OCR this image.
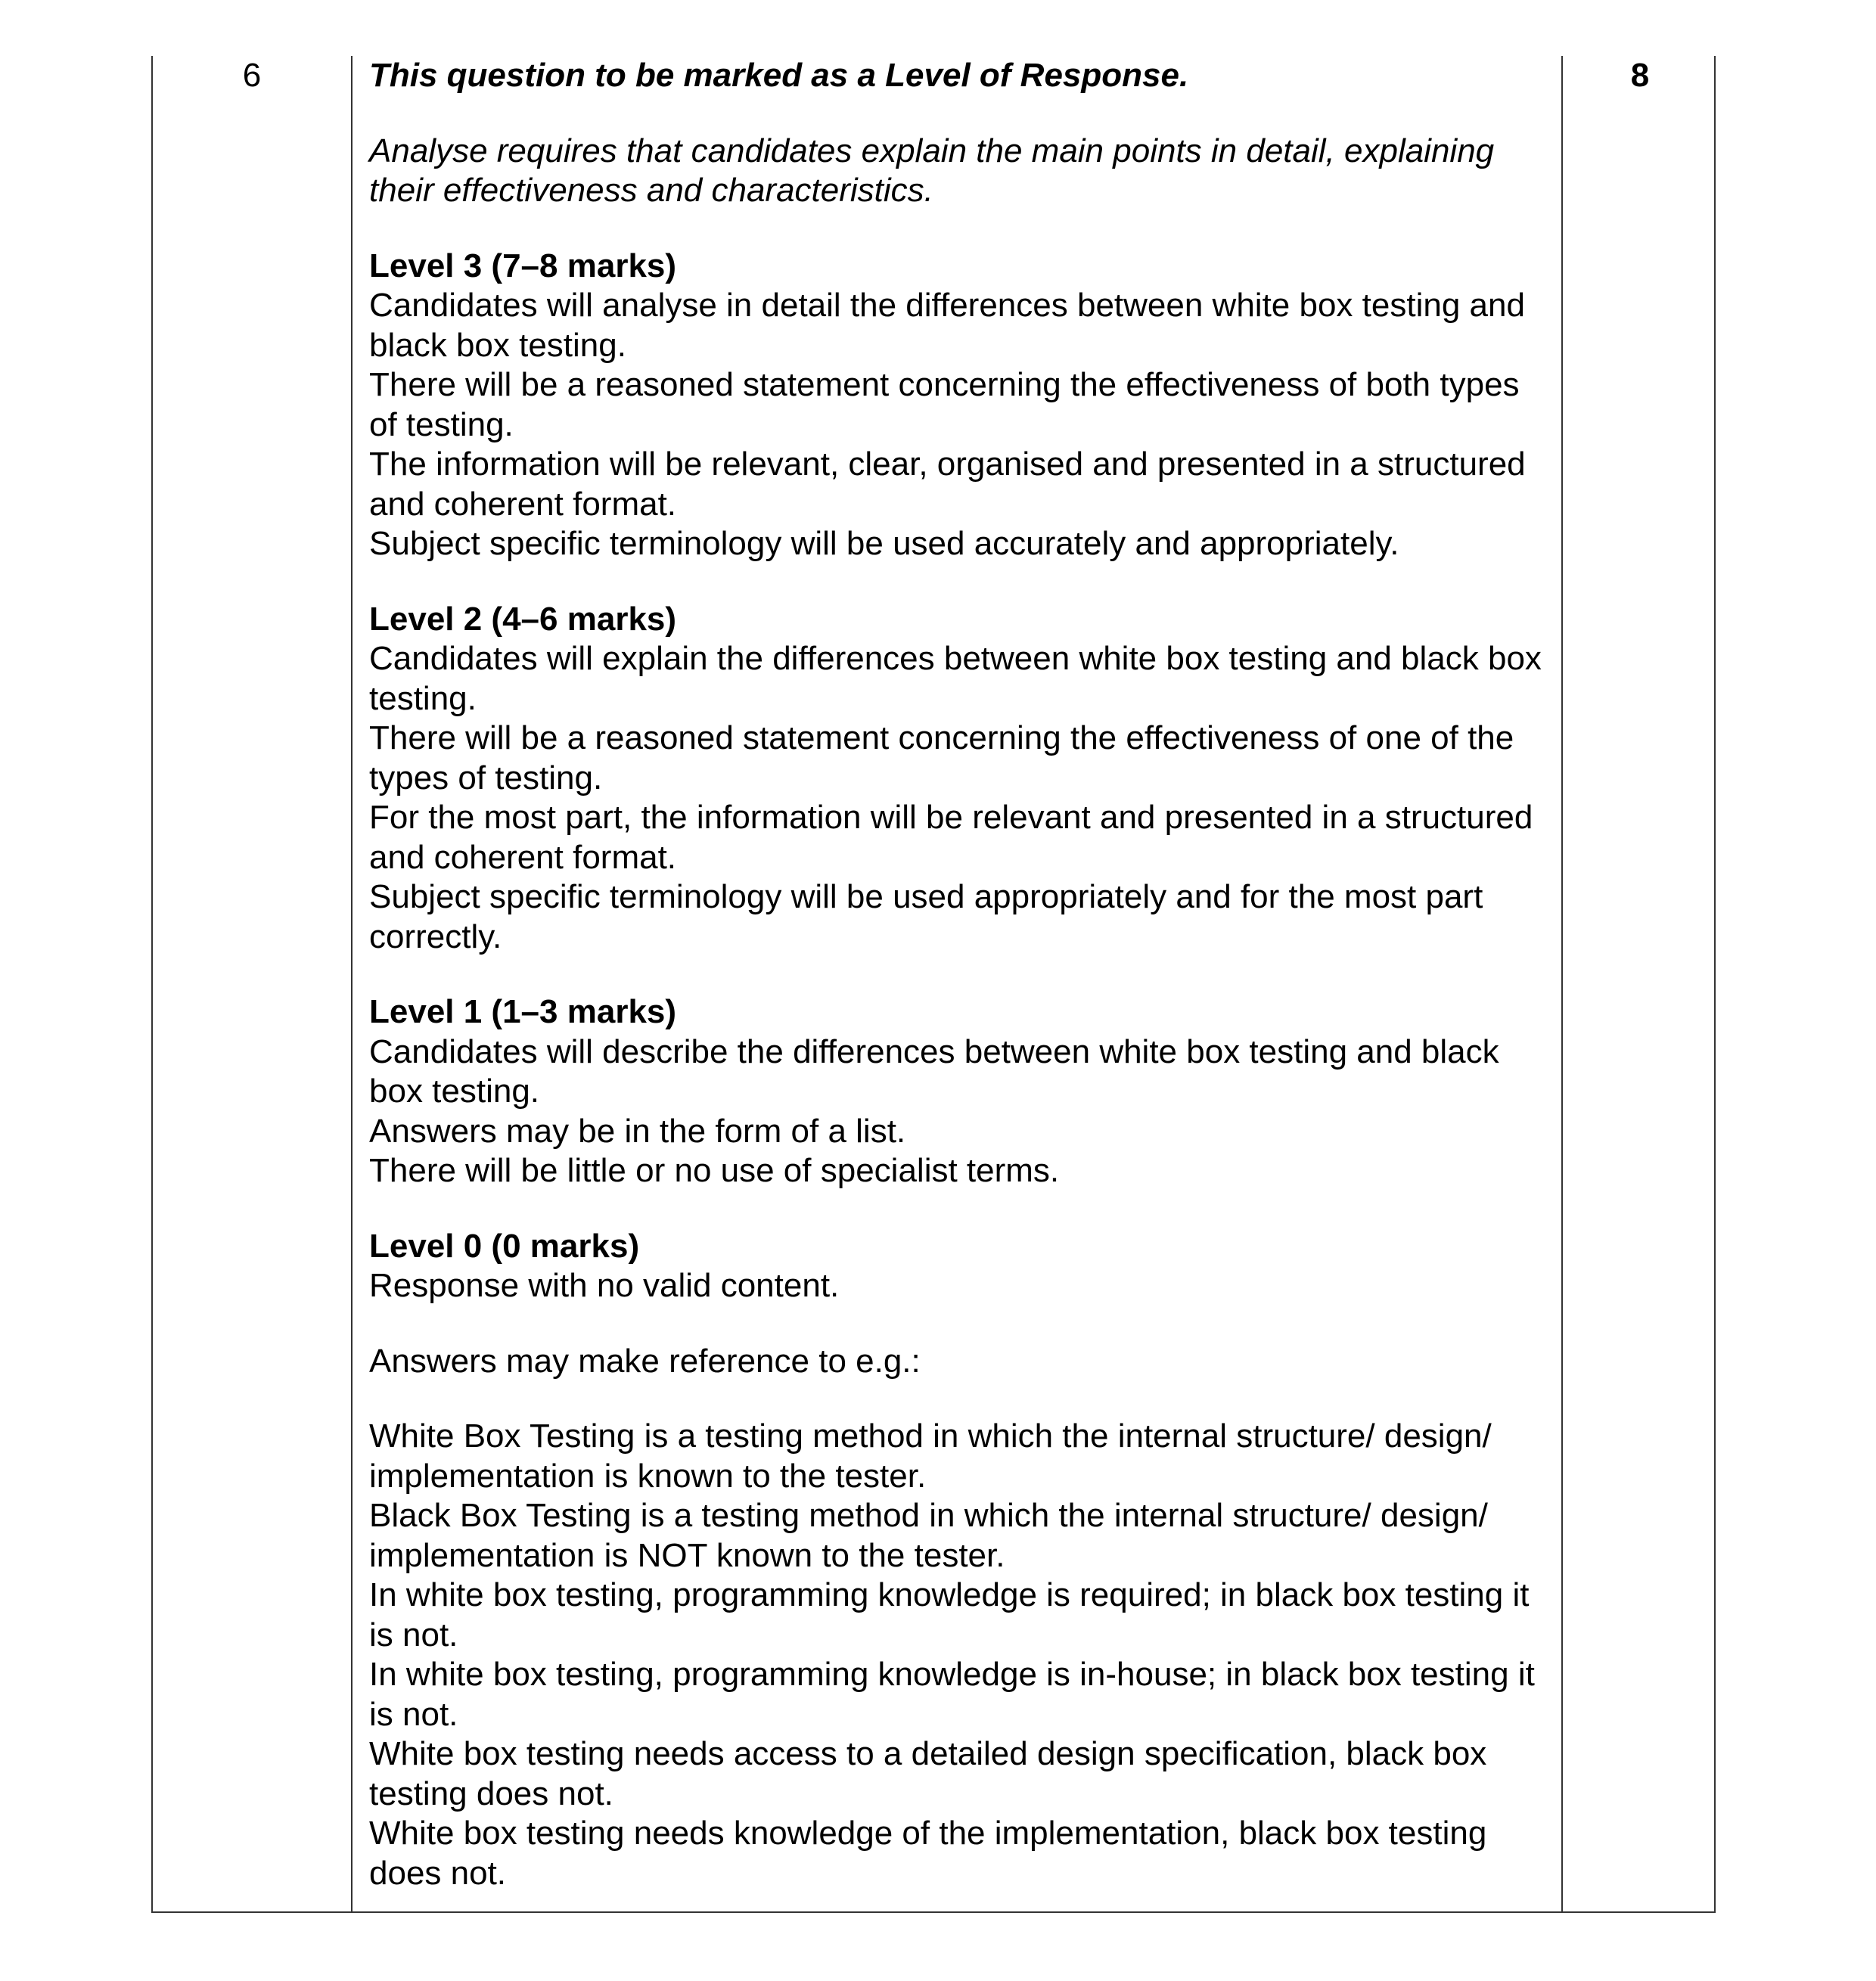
6	This question to be marked as a Level of Response.

Analyse requires that candidates explain the main points in detail, explaining their effectiveness and characteristics.

Level 3 (7–8 marks)

Candidates will analyse in detail the differences between white box testing and black box testing.

There will be a reasoned statement concerning the effectiveness of both types of testing.

The information will be relevant, clear, organised and presented in a structured and coherent format.

Subject specific terminology will be used accurately and appropriately.

Level 2 (4–6 marks)

Candidates will explain the differences between white box testing and black box testing.

There will be a reasoned statement concerning the effectiveness of one of the types of testing.

For the most part, the information will be relevant and presented in a structured and coherent format.

Subject specific terminology will be used appropriately and for the most part correctly.

Level 1 (1–3 marks)

Candidates will describe the differences between white box testing and black box testing.

Answers may be in the form of a list.

There will be little or no use of specialist terms.

Level 0 (0 marks)

Response with no valid content.

Answers may make reference to e.g.:

White Box Testing is a testing method in which the internal structure/ design/ implementation is known to the tester.

Black Box Testing is a testing method in which the internal structure/ design/ implementation is NOT known to the tester.

In white box testing, programming knowledge is required; in black box testing it is not.

In white box testing, programming knowledge is in-house; in black box testing it is not.

White box testing needs access to a detailed design specification, black box testing does not.

White box testing needs knowledge of the implementation, black box testing does not.

8
